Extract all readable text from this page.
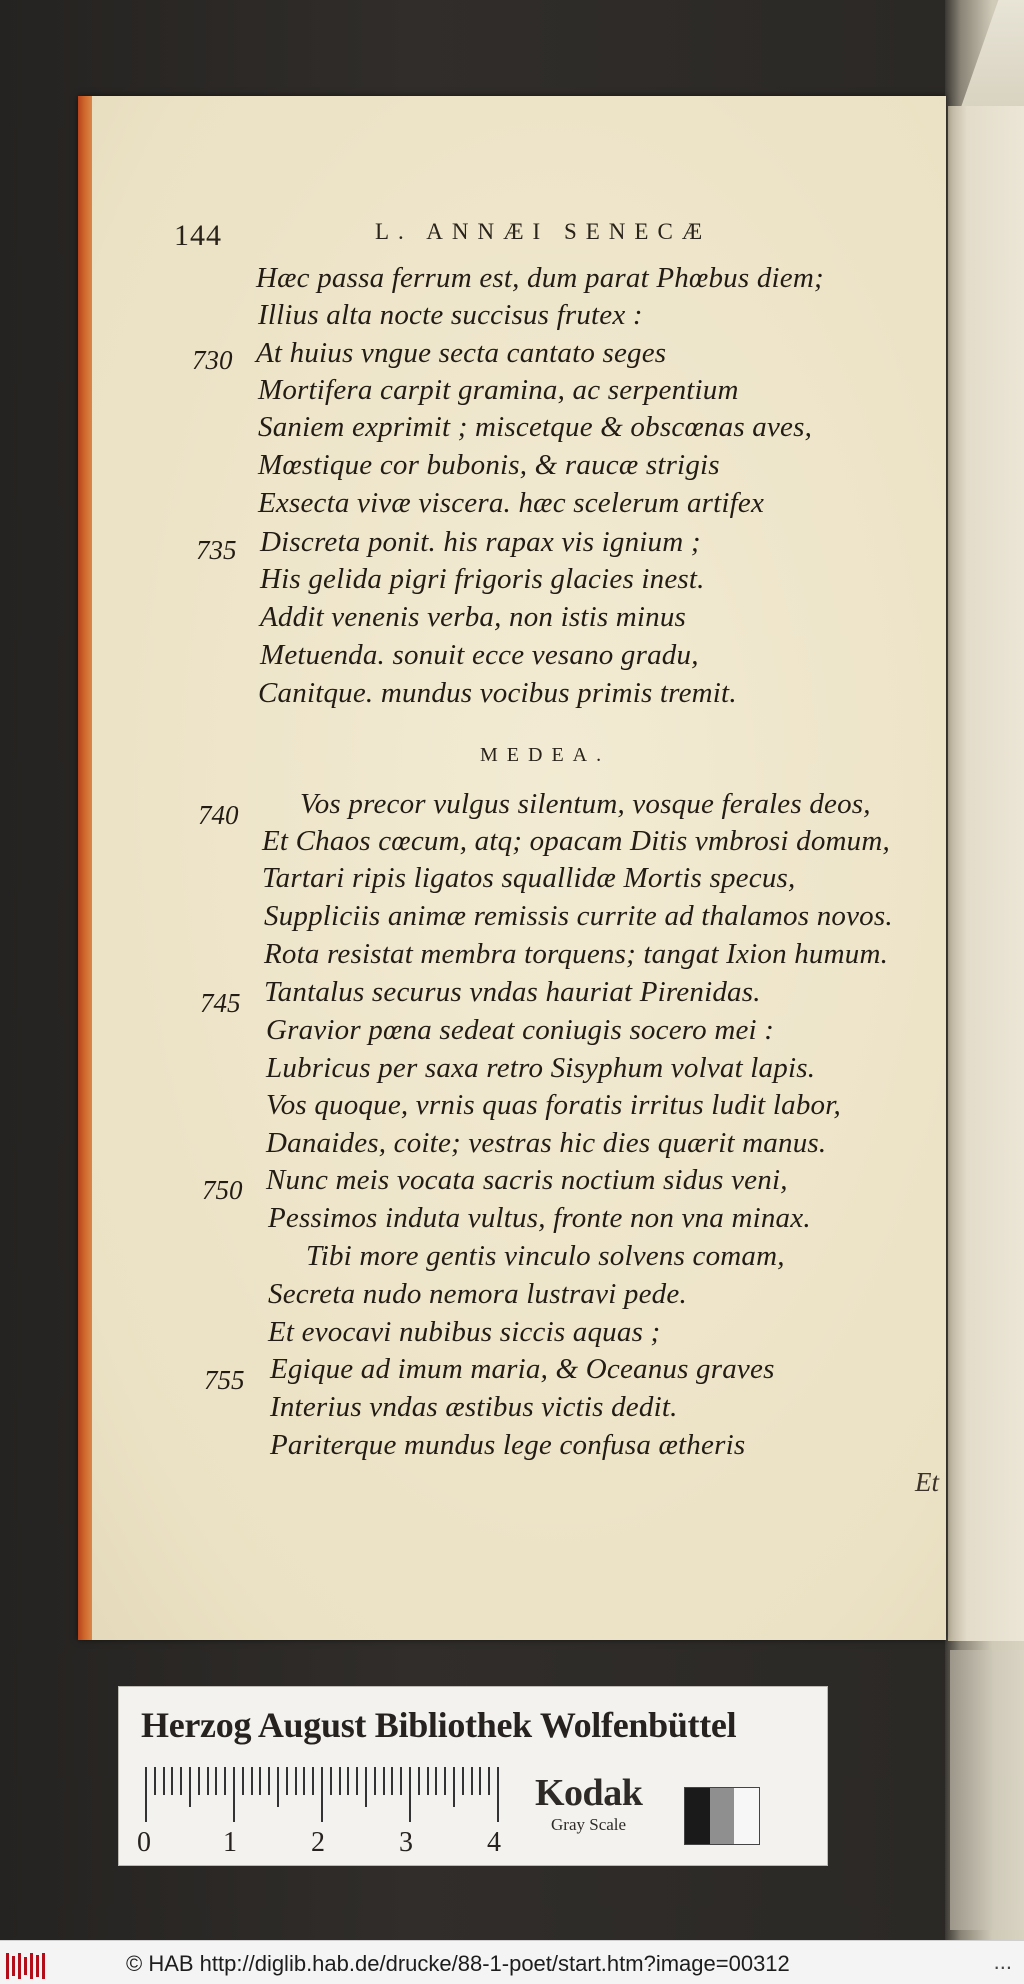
144	L. ANNÆI SENECÆ
Hæc passa ferrum est, dum parat Phœbus diem;
Illius alta nocte succisus frutex :
730 At huius vngue secta cantato seges
Mortifera carpit gramina, ac serpentium
Saniem exprimit ; miscetque & obscœnas aves,
Mœstique cor bubonis, & raucæ strigis
Exsecta vivæ viscera. hæc scelerum artifex
735 Discreta ponit. his rapax vis ignium ;
His gelida pigri frigoris glacies inest.
Addit venenis verba, non istis minus
Metuenda. sonuit ecce vesano gradu,
Canitque. mundus vocibus primis tremit.
MEDEA.
740 Vos precor vulgus silentum, vosque ferales deos,
Et Chaos cœcum, atq; opacam Ditis vmbrosi domum,
Tartari ripis ligatos squallidæ Mortis specus,
Suppliciis animæ remissis currite ad thalamos novos.
Rota resistat membra torquens; tangat Ixion humum.
745 Tantalus securus vndas hauriat Pirenidas.
Gravior pœna sedeat coniugis socero mei :
Lubricus per saxa retro Sisyphum volvat lapis.
Vos quoque, vrnis quas foratis irritus ludit labor,
Danaides, coite; vestras hic dies quærit manus.
750 Nunc meis vocata sacris noctium sidus veni,
Pessimos induta vultus, fronte non vna minax.
Tibi more gentis vinculo solvens comam,
Secreta nudo nemora lustravi pede.
Et evocavi nubibus siccis aquas ;
755 Egique ad imum maria, & Oceanus graves
Interius vndas æstibus victis dedit.
Pariterque mundus lege confusa ætheris
Et
Herzog August Bibliothek Wolfenbüttel
0	1	2	3	4
Kodak
Gray Scale
© HAB http://diglib.hab.de/drucke/88-1-poet/start.htm?image=00312	...
